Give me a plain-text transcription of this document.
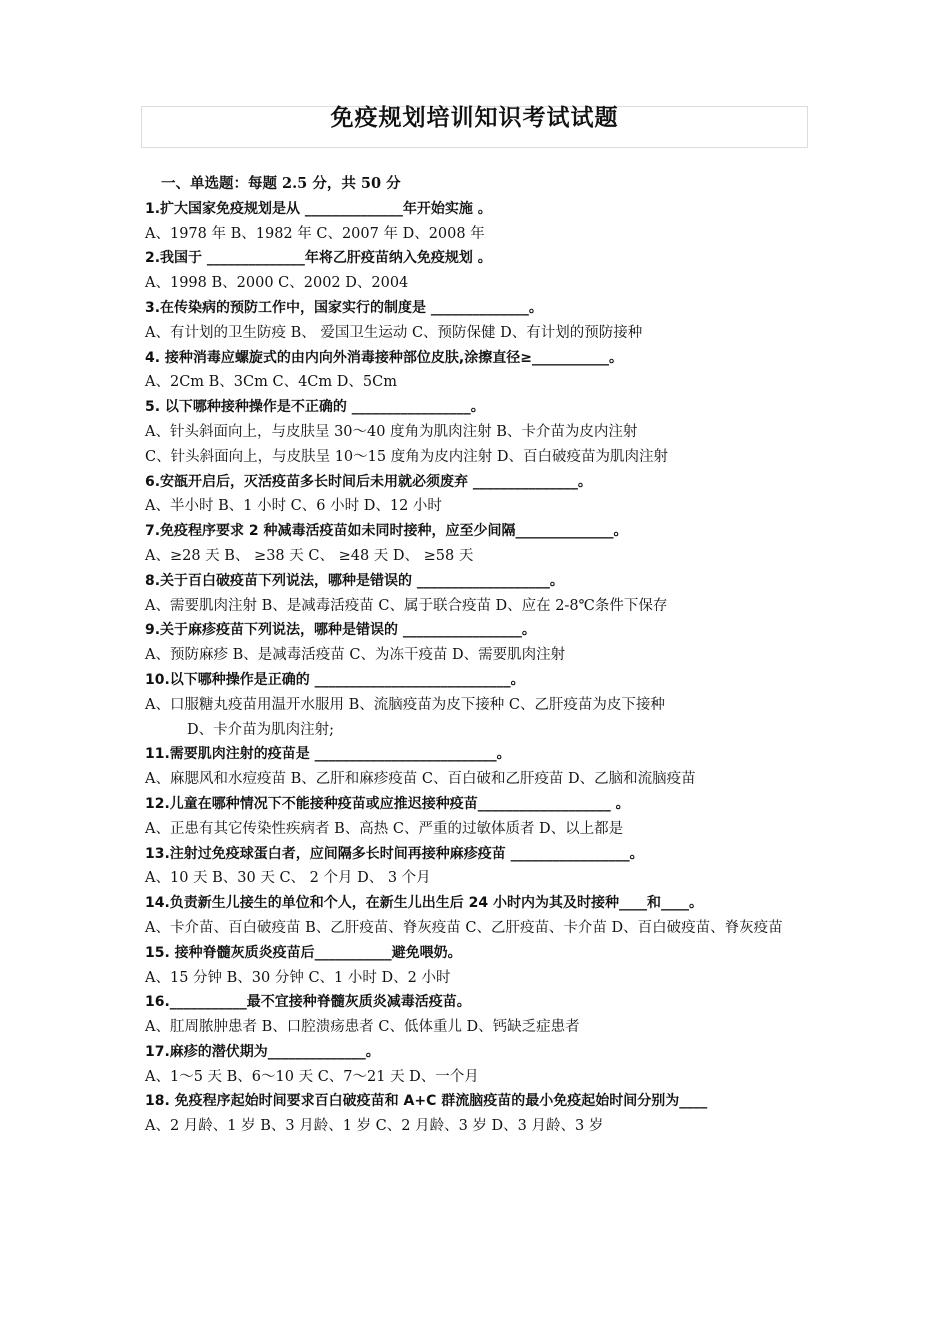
免疫规划培训知识考试试题
一、单选题：每题 2.5 分，共 50 分
1.扩大国家免疫规划是从 ______________年开始实施 。
A、1978 年 B、1982 年 C、2007 年 D、2008 年
2.我国于 ______________年将乙肝疫苗纳入免疫规划 。
A、1998 B、2000 C、2002 D、2004
3.在传染病的预防工作中，国家实行的制度是 ______________。
A、有计划的卫生防疫 B、 爱国卫生运动 C、预防保健 D、有计划的预防接种
4. 接种消毒应螺旋式的由内向外消毒接种部位皮肤,涂擦直径≥___________。
A、2Cm B、3Cm C、4Cm D、5Cm
5. 以下哪种接种操作是不正确的 _________________。
A、针头斜面向上，与皮肤呈 30～40 度角为肌肉注射 B、卡介苗为皮内注射
C、针头斜面向上，与皮肤呈 10～15 度角为皮内注射 D、百白破疫苗为肌肉注射
6.安瓿开启后，灭活疫苗多长时间后未用就必须废弃 _______________。
A、半小时 B、1 小时 C、6 小时 D、12 小时
7.免疫程序要求 2 种减毒活疫苗如未同时接种，应至少间隔______________。
A、≥28 天 B、 ≥38 天 C、 ≥48 天 D、 ≥58 天
8.关于百白破疫苗下列说法，哪种是错误的 ___________________。
A、需要肌肉注射 B、是减毒活疫苗 C、属于联合疫苗 D、应在 2-8℃条件下保存
9.关于麻疹疫苗下列说法，哪种是错误的 _________________。
A、预防麻疹 B、是减毒活疫苗 C、为冻干疫苗 D、需要肌肉注射
10.以下哪种操作是正确的 ____________________________。
A、口服糖丸疫苗用温开水服用 B、流脑疫苗为皮下接种 C、乙肝疫苗为皮下接种
D、卡介苗为肌肉注射;
11.需要肌肉注射的疫苗是 __________________________。
A、麻腮风和水痘疫苗 B、乙肝和麻疹疫苗 C、百白破和乙肝疫苗 D、乙脑和流脑疫苗
12.儿童在哪种情况下不能接种疫苗或应推迟接种疫苗___________________ 。
A、正患有其它传染性疾病者 B、高热 C、严重的过敏体质者 D、以上都是
13.注射过免疫球蛋白者，应间隔多长时间再接种麻疹疫苗 _________________。
A、10 天 B、30 天 C、 2 个月 D、 3 个月
14.负责新生儿接生的单位和个人，在新生儿出生后 24 小时内为其及时接种____和____。
A、卡介苗、百白破疫苗 B、乙肝疫苗、脊灰疫苗 C、乙肝疫苗、卡介苗 D、百白破疫苗、脊灰疫苗
15. 接种脊髓灰质炎疫苗后___________避免喂奶。
A、15 分钟 B、30 分钟 C、1 小时 D、2 小时
16.___________最不宜接种脊髓灰质炎减毒活疫苗。
A、肛周脓肿患者 B、口腔溃疡患者 C、低体重儿 D、钙缺乏症患者
17.麻疹的潜伏期为______________。
A、1～5 天 B、6～10 天 C、7～21 天 D、一个月
18. 免疫程序起始时间要求百白破疫苗和 A+C 群流脑疫苗的最小免疫起始时间分别为____
A、2 月龄、1 岁 B、3 月龄、1 岁 C、2 月龄、3 岁 D、3 月龄、3 岁
